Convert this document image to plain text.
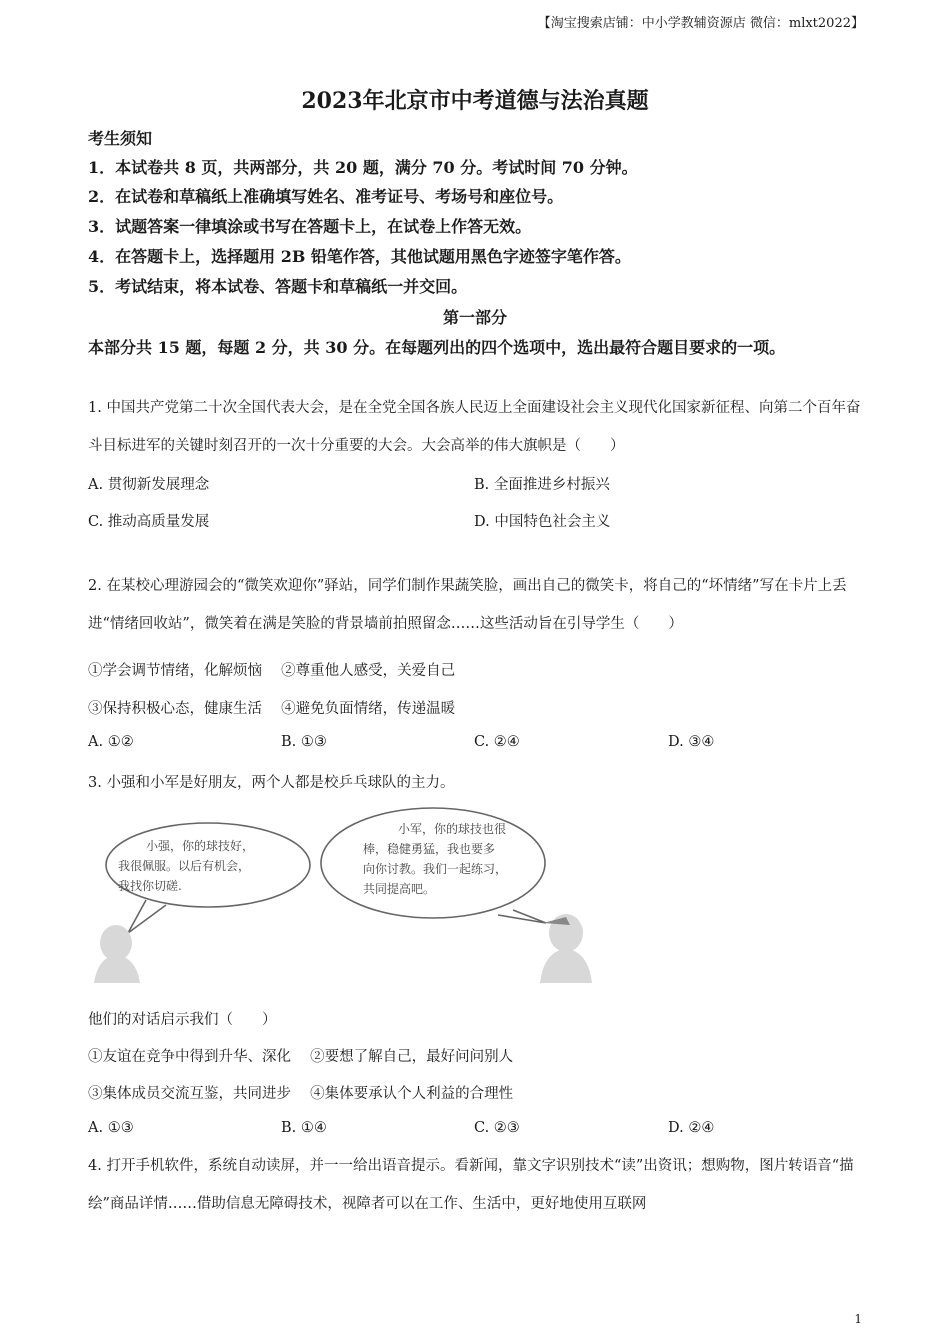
【淘宝搜索店铺：中小学教辅资源店 微信：mlxt2022】
2023年北京市中考道德与法治真题
考生须知
1．本试卷共 8 页，共两部分，共 20 题，满分 70 分。考试时间 70 分钟。
2．在试卷和草稿纸上准确填写姓名、准考证号、考场号和座位号。
3．试题答案一律填涂或书写在答题卡上，在试卷上作答无效。
4．在答题卡上，选择题用 2B 铅笔作答，其他试题用黑色字迹签字笔作答。
5．考试结束，将本试卷、答题卡和草稿纸一并交回。
第一部分
本部分共 15 题，每题 2 分，共 30 分。在每题列出的四个选项中，选出最符合题目要求的一项。
1. 中国共产党第二十次全国代表大会，是在全党全国各族人民迈上全面建设社会主义现代化国家新征程、向第二个百年奋斗目标进军的关键时刻召开的一次十分重要的大会。大会高举的伟大旗帜是（　　）
A. 贯彻新发展理念	B. 全面推进乡村振兴
C. 推动高质量发展	D. 中国特色社会主义
2. 在某校心理游园会的“微笑欢迎你”驿站，同学们制作果蔬笑脸，画出自己的微笑卡，将自己的“坏情绪”写在卡片上丢进“情绪回收站”，微笑着在满是笑脸的背景墙前拍照留念……这些活动旨在引导学生（　　）
①学会调节情绪，化解烦恼　 ②尊重他人感受，关爱自己
③保持积极心态，健康生活　 ④避免负面情绪，传递温暖
A. ①②	B. ①③	C. ②④	D. ③④
3. 小强和小军是好朋友，两个人都是校乒乓球队的主力。
小强，你的球技好，
我很佩服。以后有机会，
我找你切磋.
小军，你的球技也很
棒，稳健勇猛，我也要多
向你讨教。我们一起练习，
共同提高吧。
他们的对话启示我们（　　）
①友谊在竞争中得到升华、深化　 ②要想了解自己，最好问问别人
③集体成员交流互鉴，共同进步　 ④集体要承认个人利益的合理性
A. ①③	B. ①④	C. ②③	D. ②④
4. 打开手机软件，系统自动读屏，并一一给出语音提示。看新闻，靠文字识别技术“读”出资讯；想购物，图片转语音“描绘”商品详情……借助信息无障碍技术，视障者可以在工作、生活中，更好地使用互联网
1
